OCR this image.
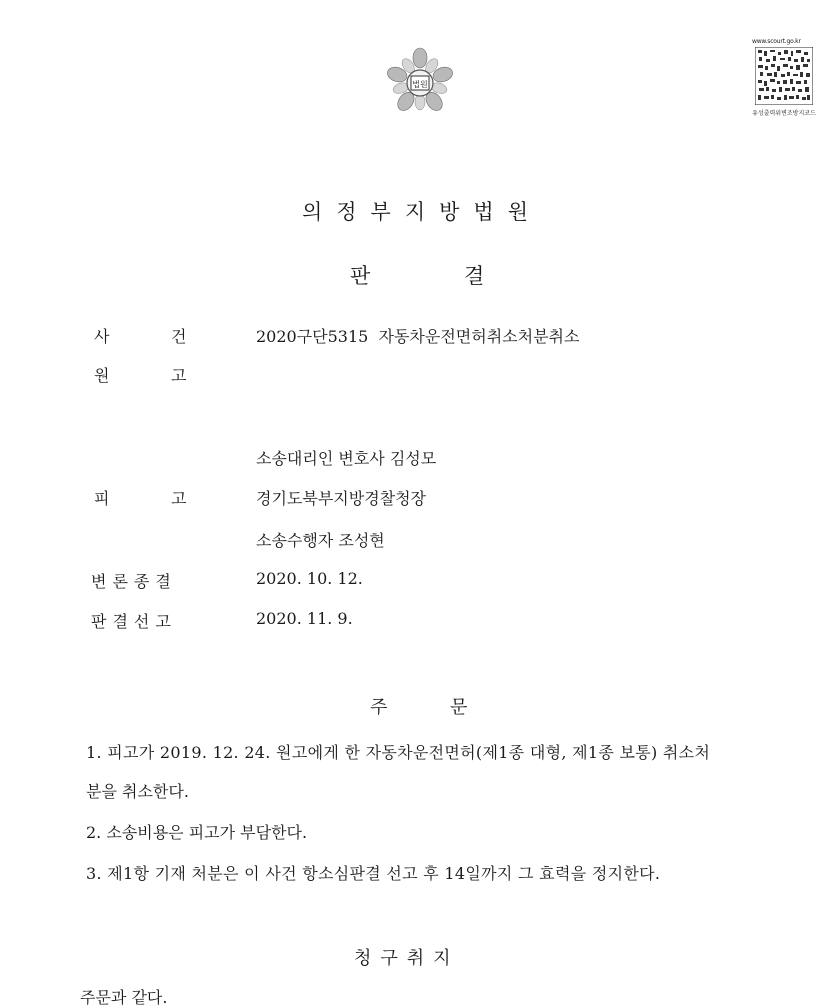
법원
www.scourt.go.kr
유성출력위변조방지코드
의정부지방법원
판	결
사	건	2020구단5315  자동차운전면허취소처분취소
원	고
소송대리인 변호사 김성모
피	고	경기도북부지방경찰청장
소송수행자 조성현
변론종결	2020. 10. 12.
판결선고	2020. 11. 9.
주	문
1. 피고가 2019. 12. 24. 원고에게 한 자동차운전면허(제1종 대형, 제1종 보통) 취소처
분을 취소한다.
2. 소송비용은 피고가 부담한다.
3. 제1항 기재 처분은 이 사건 항소심판결 선고 후 14일까지 그 효력을 정지한다.
청구취지
주문과 같다.
